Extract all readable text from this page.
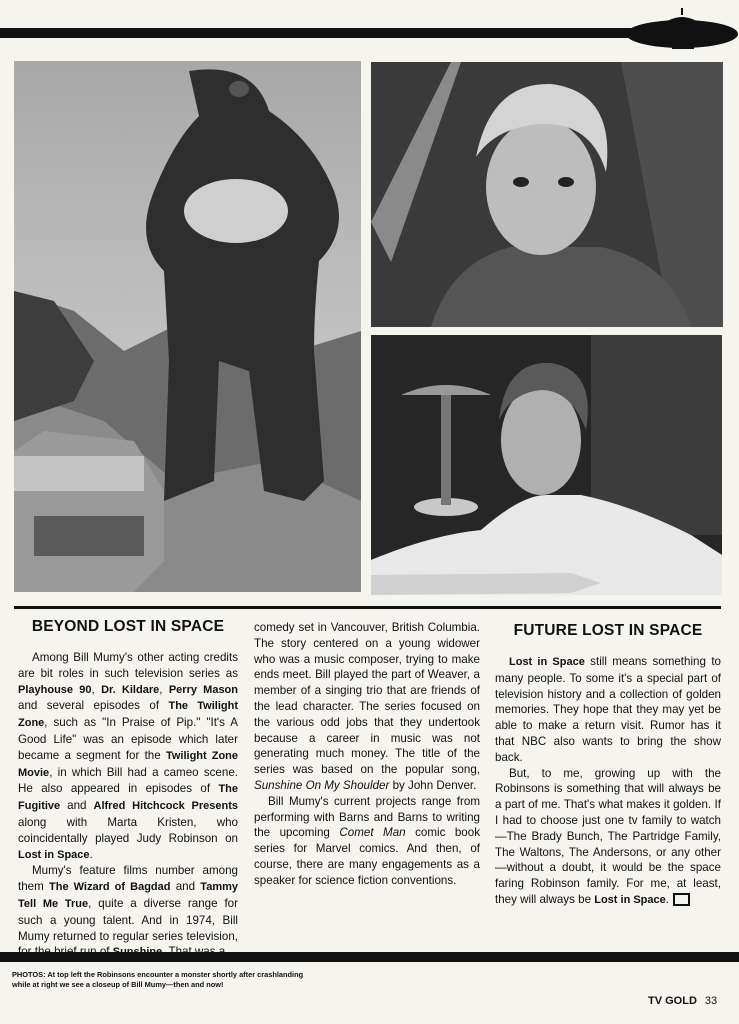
BEYOND LOST IN SPACE

Among Bill Mumy's other acting credits are bit roles in such television series as Playhouse 90, Dr. Kildare, Perry Mason and several episodes of The Twilight Zone, such as "In Praise of Pip." "It's A Good Life" was an episode which later became a segment for the Twilight Zone Movie, in which Bill had a cameo scene. He also appeared in episodes of The Fugitive and Alfred Hitchcock Presents along with Marta Kristen, who coincidentally played Judy Robinson on Lost in Space.

Mumy's feature films number among them The Wizard of Bagdad and Tammy Tell Me True, quite a diverse range for such a young talent. And in 1974, Bill Mumy returned to regular series television,

comedy set in Vancouver, British Columbia. The story centered on a young widower who was a music composer, trying to make ends meet. Bill played the part of Weaver, a member of a singing trio that are friends of the lead character. The series focused on the various odd jobs that they undertook because a career in music was not generating much money. The title of the series was based on the popular song, Sunshine On My Shoulder by John Denver.

Bill Mumy's current projects range from performing with Barns and Barns to writing the upcoming Comet Man comic book series for Marvel comics. And then, of course, there are many engagements as a speaker for science fiction conventions.

FUTURE LOST IN SPACE

Lost in Space still means something to many people. To some it's a special part of television history and a collection of golden memories. They hope that they may yet be able to make a return visit. Rumor has it that NBC also wants to bring the show back.

But, to me, growing up with the Robinsons is something that will always be a part of me. That's what makes it golden. If I had to choose just one tv family to watch—The Brady Bunch, The Partridge Family, The Waltons, The Andersons, or any other—without a doubt, it would be the space faring Robinson family. For me, at least, they will always be Lost in Space.

PHOTOS: At top left the Robinsons encounter a monster shortly after crashlanding while at right we see a closeup of Bill Mumy—then and now!
TV GOLD 33
